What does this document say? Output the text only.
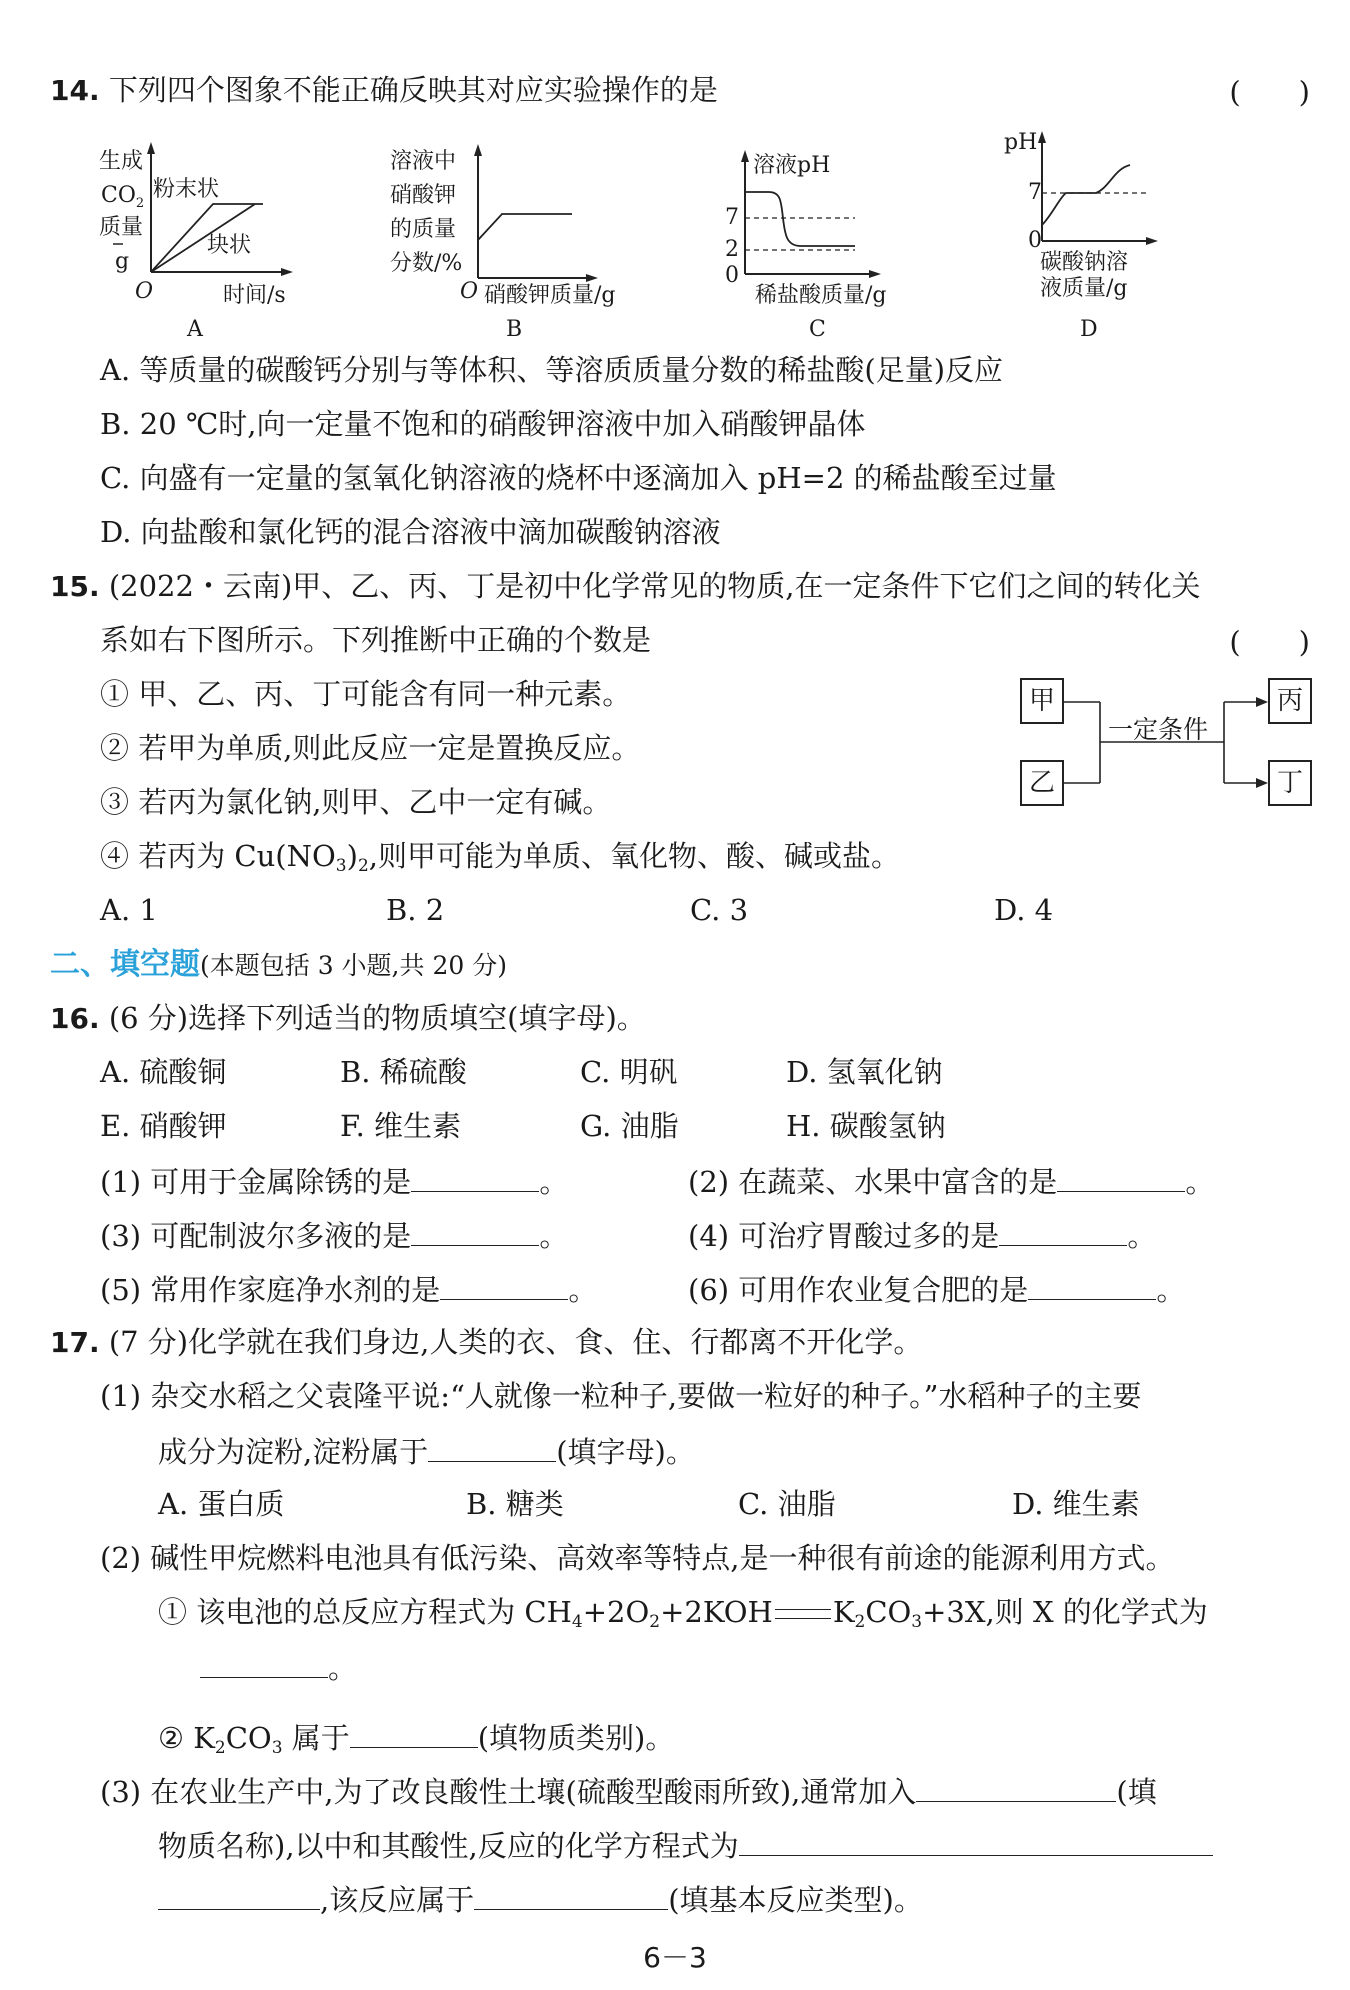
14. 下列四个图象不能正确反映其对应实验操作的是	(　　)
生成
$CO_2$
质量
g
粉末状
块状
O	时间/s
A
溶液中
硝酸钾
的质量
分数/%
O 硝酸钾质量/g
B
溶液pH
7
2
0
稀盐酸质量/g
C
pH
7
0
碳酸钠溶
液质量/g
D
A. 等质量的碳酸钙分别与等体积、等溶质质量分数的稀盐酸(足量)反应
B. 20 ℃时,向一定量不饱和的硝酸钾溶液中加入硝酸钾晶体
C. 向盛有一定量的氢氧化钠溶液的烧杯中逐滴加入 pH=2 的稀盐酸至过量
D. 向盐酸和氯化钙的混合溶液中滴加碳酸钠溶液
15. (2022・云南)甲、乙、丙、丁是初中化学常见的物质,在一定条件下它们之间的转化关
系如右下图所示。下列推断中正确的个数是	(　　)
① 甲、乙、丙、丁可能含有同一种元素。
② 若甲为单质,则此反应一定是置换反应。
③ 若丙为氯化钠,则甲、乙中一定有碱。
④ 若丙为 $Cu(NO_3)_2$,则甲可能为单质、氧化物、酸、碱或盐。
甲
乙
丙
丁
一定条件
A. 1	B. 2	C. 3	D. 4
二、填空题(本题包括 3 小题,共 20 分)
16. (6 分)选择下列适当的物质填空(填字母)。
A. 硫酸铜	B. 稀硫酸	C. 明矾	D. 氢氧化钠
E. 硝酸钾	F. 维生素	G. 油脂	H. 碳酸氢钠
(1) 可用于金属除锈的是	。	(2) 在蔬菜、水果中富含的是	。
(3) 可配制波尔多液的是	。	(4) 可治疗胃酸过多的是	。
(5) 常用作家庭净水剂的是	。	(6) 可用作农业复合肥的是	。
17. (7 分)化学就在我们身边,人类的衣、食、住、行都离不开化学。
(1) 杂交水稻之父袁隆平说:“人就像一粒种子,要做一粒好的种子。”水稻种子的主要
成分为淀粉,淀粉属于	(填字母)。
A. 蛋白质	B. 糖类	C. 油脂	D. 维生素
(2) 碱性甲烷燃料电池具有低污染、高效率等特点,是一种很有前途的能源利用方式。
① 该电池的总反应方程式为 $CH_4+2O_2+2KOH$ $K_2CO_3+3X$,则 X 的化学式为
。
② $K_2CO_3$ 属于	(填物质类别)。
(3) 在农业生产中,为了改良酸性土壤(硫酸型酸雨所致),通常加入	(填
物质名称),以中和其酸性,反应的化学方程式为
,该反应属于	(填基本反应类型)。
6－3
